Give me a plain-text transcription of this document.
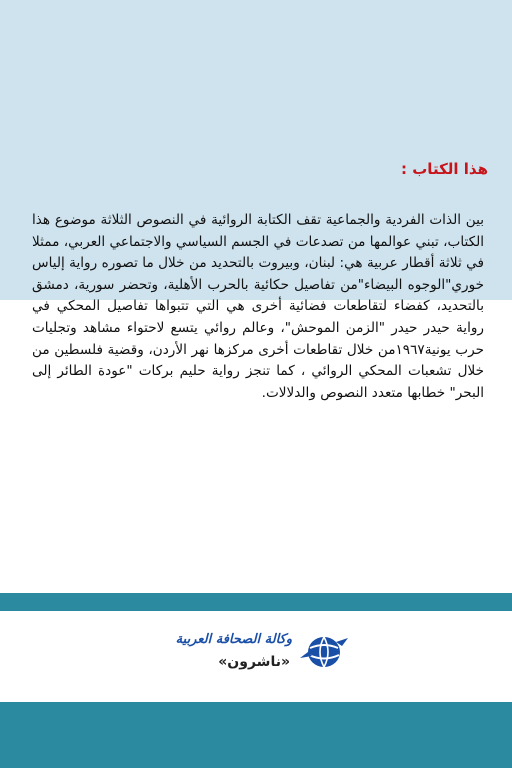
هذا الكتاب :

بين الذات الفردية والجماعية تقف الكتابة الروائية في النصوص الثلاثة موضوع هذا الكتاب، تبني عوالمها من تصدعات في الجسم السياسي والاجتماعي العربي، ممثلا في ثلاثة أقطار عربية هي: لبنان، وبيروت بالتحديد من خلال ما تصوره رواية إلياس خوري"الوجوه البيضاء"من تفاصيل حكائية بالحرب الأهلية، وتحضر سورية، دمشق بالتحديد، كفضاء لتقاطعات فضائية أخرى هي التي تتبواها تفاصيل المحكي في رواية حيدر حيدر "الزمن الموحش"، وعالم روائي يتسع لاحتواء مشاهد وتجليات حرب يونية١٩٦٧من خلال تقاطعات أخرى مركزها نهر الأردن، وقضية فلسطين من خلال تشعبات المحكي الروائي ، كما تنجز رواية حليم بركات "عودة الطائر إلى البحر" خطابها متعدد النصوص والدلالات.

وكالة الصحافة العربية
«ناشرون»
